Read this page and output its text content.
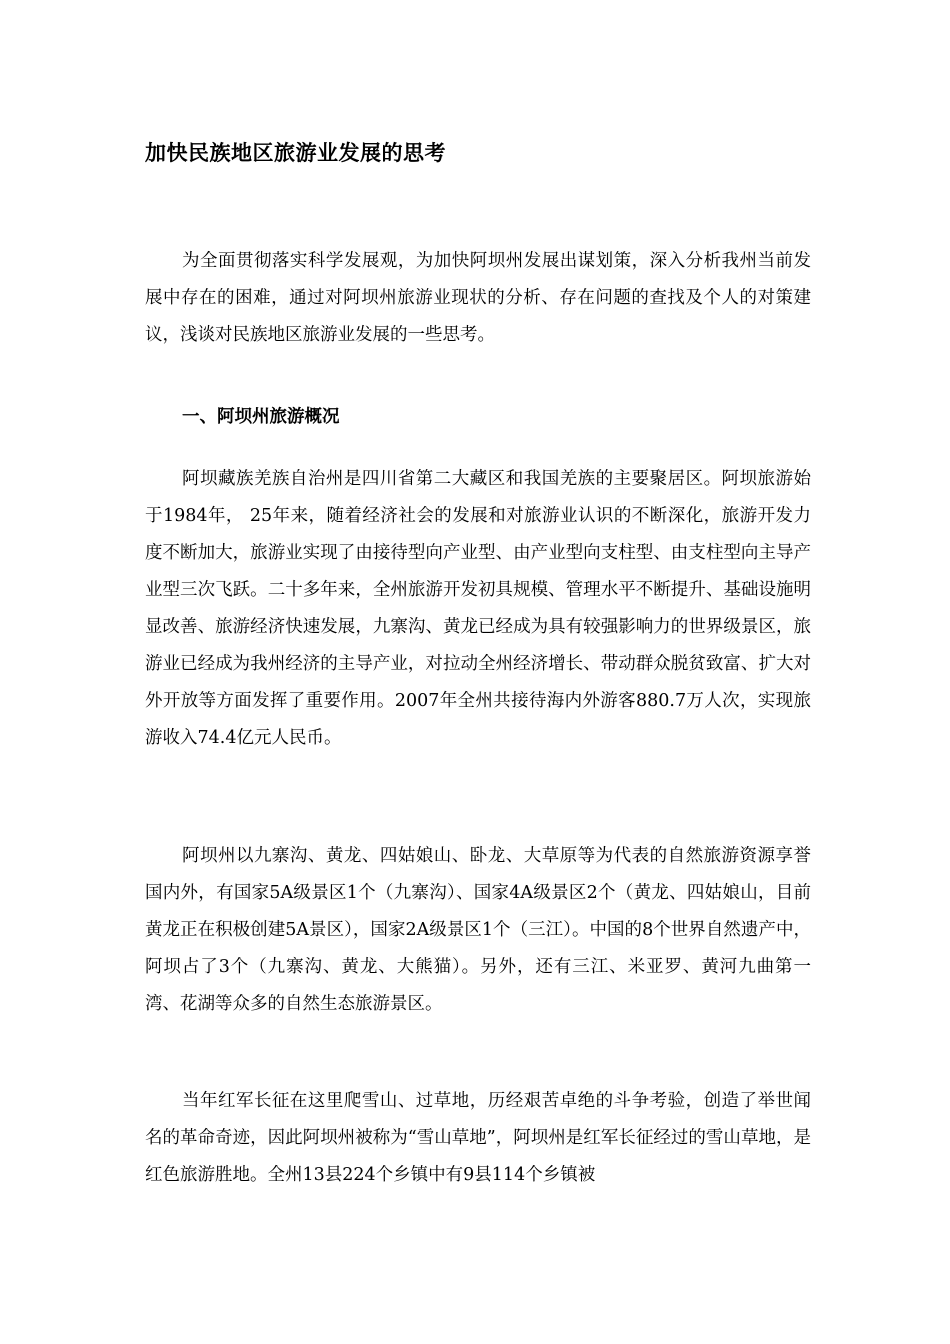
加快民族地区旅游业发展的思考

为全面贯彻落实科学发展观，为加快阿坝州发展出谋划策，深入分析我州当前发展中存在的困难，通过对阿坝州旅游业现状的分析、存在问题的查找及个人的对策建议，浅谈对民族地区旅游业发展的一些思考。

一、阿坝州旅游概况

阿坝藏族羌族自治州是四川省第二大藏区和我国羌族的主要聚居区。阿坝旅游始于1984年， 25年来，随着经济社会的发展和对旅游业认识的不断深化，旅游开发力度不断加大，旅游业实现了由接待型向产业型、由产业型向支柱型、由支柱型向主导产业型三次飞跃。二十多年来，全州旅游开发初具规模、管理水平不断提升、基础设施明显改善、旅游经济快速发展，九寨沟、黄龙已经成为具有较强影响力的世界级景区，旅游业已经成为我州经济的主导产业，对拉动全州经济增长、带动群众脱贫致富、扩大对外开放等方面发挥了重要作用。2007年全州共接待海内外游客880.7万人次，实现旅游收入74.4亿元人民币。

阿坝州以九寨沟、黄龙、四姑娘山、卧龙、大草原等为代表的自然旅游资源享誉国内外，有国家5A级景区1个（九寨沟）、国家4A级景区2个（黄龙、四姑娘山，目前黄龙正在积极创建5A景区），国家2A级景区1个（三江）。中国的8个世界自然遗产中，阿坝占了3个（九寨沟、黄龙、大熊猫）。另外，还有三江、米亚罗、黄河九曲第一湾、花湖等众多的自然生态旅游景区。

当年红军长征在这里爬雪山、过草地，历经艰苦卓绝的斗争考验，创造了举世闻名的革命奇迹，因此阿坝州被称为“雪山草地”，阿坝州是红军长征经过的雪山草地，是红色旅游胜地。全州13县224个乡镇中有9县114个乡镇被
